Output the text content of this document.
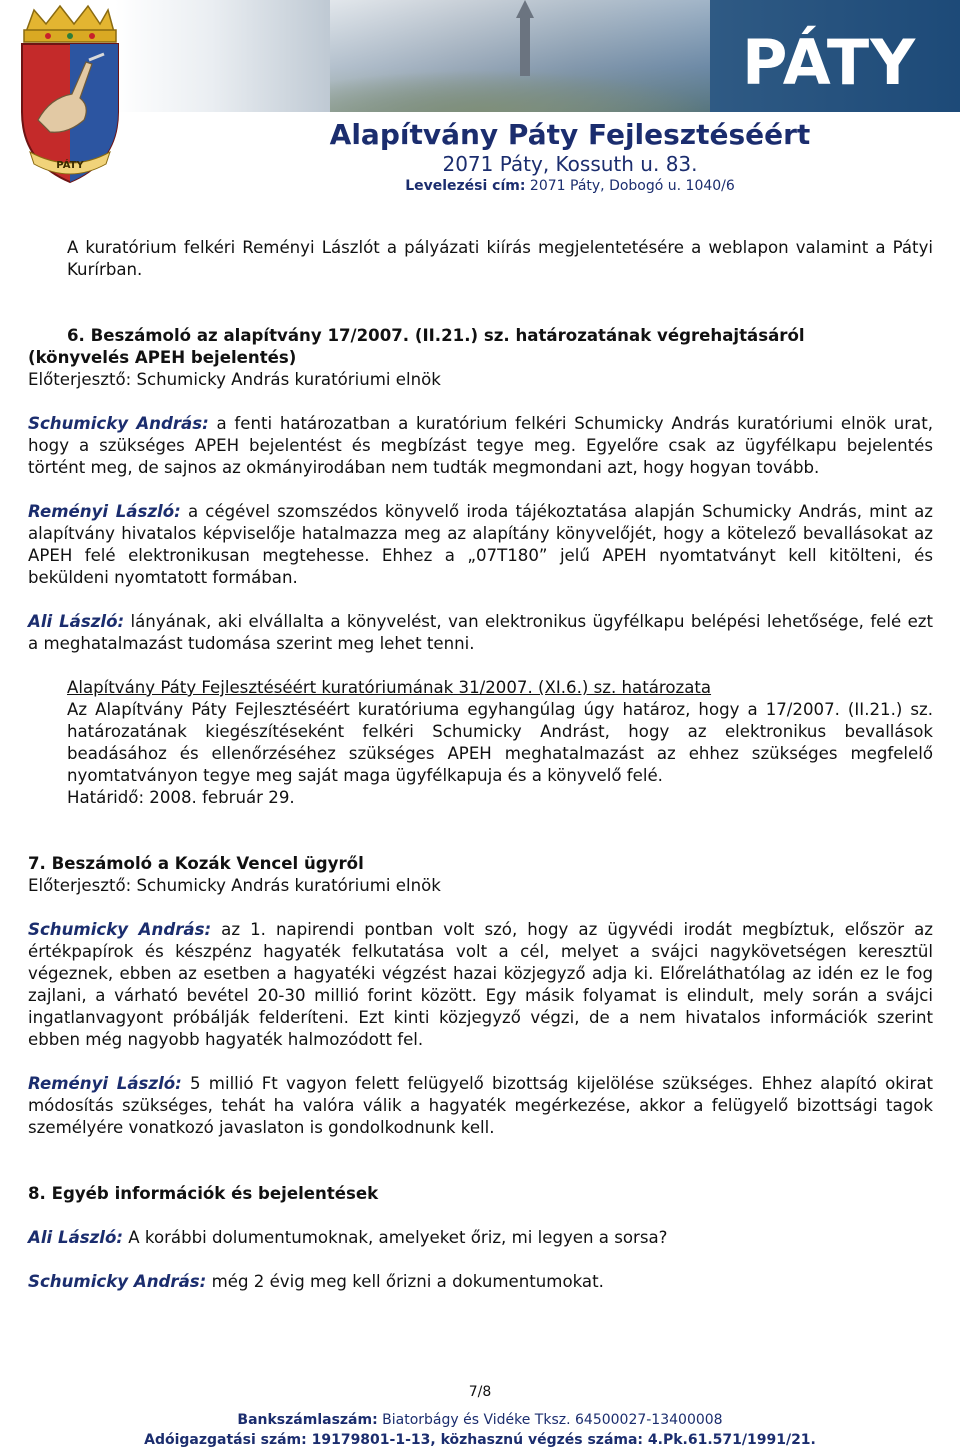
PÁTY
PÁTY
Alapítvány Páty Fejlesztéséért
2071 Páty, Kossuth u. 83.
Levelezési cím: 2071 Páty, Dobogó u. 1040/6

A kuratórium felkéri Reményi Lászlót a pályázati kiírás megjelentetésére a weblapon valamint a Pátyi Kurírban.

6. Beszámoló az alapítvány 17/2007. (II.21.) sz. határozatának végrehajtásáról
(könyvelés APEH bejelentés)
Előterjesztő: Schumicky András kuratóriumi elnök

Schumicky András: a fenti határozatban a kuratórium felkéri Schumicky András kuratóriumi elnök urat, hogy a szükséges APEH bejelentést és megbízást tegye meg. Egyelőre csak az ügyfélkapu bejelentés történt meg, de sajnos az okmányirodában nem tudták megmondani azt, hogy hogyan tovább.

Reményi László: a cégével szomszédos könyvelő iroda tájékoztatása alapján Schumicky András, mint az alapítvány hivatalos képviselője hatalmazza meg az alapítány könyvelőjét, hogy a kötelező bevallásokat az APEH felé elektronikusan megtehesse. Ehhez a „07T180” jelű APEH nyomtatványt kell kitölteni, és beküldeni nyomtatott formában.

Ali László: lányának, aki elvállalta a könyvelést, van elektronikus ügyfélkapu belépési lehetősége, felé ezt a meghatalmazást tudomása szerint meg lehet tenni.

Alapítvány Páty Fejlesztéséért kuratóriumának 31/2007. (XI.6.) sz. határozata

Az Alapítvány Páty Fejlesztéséért kuratóriuma egyhangúlag úgy határoz, hogy a 17/2007. (II.21.) sz. határozatának kiegészítéseként felkéri Schumicky Andrást, hogy az elektronikus bevallások beadásához és ellenőrzéséhez szükséges APEH meghatalmazást az ehhez szükséges megfelelő nyomtatványon tegye meg saját maga ügyfélkapuja és a könyvelő felé.

Határidő: 2008. február 29.
7. Beszámoló a Kozák Vencel ügyről
Előterjesztő: Schumicky András kuratóriumi elnök

Schumicky András: az 1. napirendi pontban volt szó, hogy az ügyvédi irodát megbíztuk, először az értékpapírok és készpénz hagyaték felkutatása volt a cél, melyet a svájci nagykövetségen keresztül végeznek, ebben az esetben a hagyatéki végzést hazai közjegyző adja ki. Előreláthatólag az idén ez le fog zajlani, a várható bevétel 20-30 millió forint között. Egy másik folyamat is elindult, mely során a svájci ingatlanvagyont próbálják felderíteni. Ezt kinti közjegyző végzi, de a nem hivatalos információk szerint ebben még nagyobb hagyaték halmozódott fel.

Reményi László: 5 millió Ft vagyon felett felügyelő bizottság kijelölése szükséges. Ehhez alapító okirat módosítás szükséges, tehát ha valóra válik a hagyaték megérkezése, akkor a felügyelő bizottsági tagok személyére vonatkozó javaslaton is gondolkodnunk kell.

8. Egyéb információk és bejelentések

Ali László: A korábbi dolumentumoknak, amelyeket őriz, mi legyen a sorsa?

Schumicky András: még 2 évig meg kell őrizni a dokumentumokat.

7/8
Bankszámlaszám: Biatorbágy és Vidéke Tksz. 64500027-13400008
Adóigazgatási szám: 19179801-1-13, közhasznú végzés száma: 4.Pk.61.571/1991/21.
